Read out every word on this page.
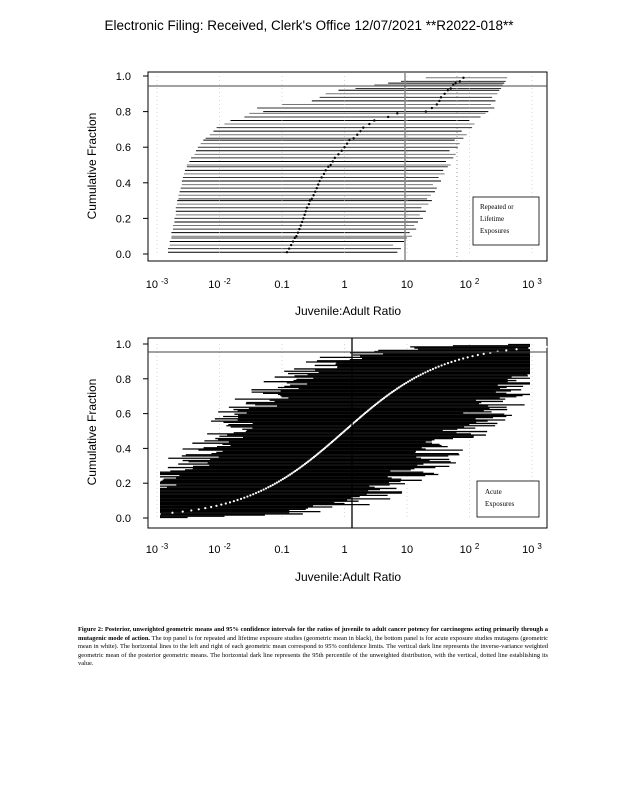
Electronic Filing: Received, Clerk's Office 12/07/2021 **R2022-018**
0.0
0.2
0.4
0.6
0.8
1.0
10 $^{-3}$	10 $^{-2}$	0.1	1	10	10 $^2$	10 $^3$
Cumulative Fraction
Juvenile:Adult Ratio
Repeated or
Lifetime
Exposures
0.0
0.2
0.4
0.6
0.8
1.0
10 $^{-3}$	10 $^{-2}$	0.1	1	10	10 $^2$	10 $^3$
Cumulative Fraction
Juvenile:Adult Ratio
Acute
Exposures
Figure 2: Posterior, unweighted geometric means and 95% confidence intervals for the ratios of juvenile to adult cancer potency for carcinogens acting primarily through a mutagenic mode of action. The top panel is for repeated and lifetime exposure studies (geometric mean in black), the bottom panel is for acute exposure studies mutagens (geometric mean in white). The horizontal lines to the left and right of each geometric mean correspond to 95% confidence limits. The vertical dark line represents the inverse-variance weighted geometric mean of the posterior geometric means. The horizontal dark line represents the 95th percentile of the unweighted distribution, with the vertical, dotted line establishing its value.
